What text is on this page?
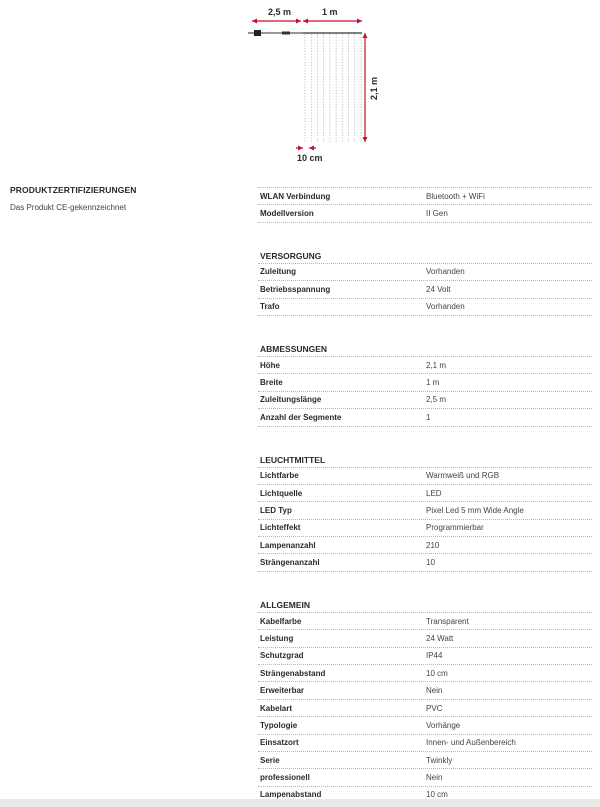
2,5 m	1 m
2,1 m
10 cm
PRODUKTZERTIFIZIERUNGEN
Das Produkt CE-gekennzeichnet
WLAN Verbindung	Bluetooth + WiFi
Modellversion	II Gen
VERSORGUNG
Zuleitung	Vorhanden
Betriebsspannung	24 Volt
Trafo	Vorhanden
ABMESSUNGEN
Höhe	2,1 m
Breite	1 m
Zuleitungslänge	2,5 m
Anzahl der Segmente	1
LEUCHTMITTEL
Lichtfarbe	Warmweiß und RGB
Lichtquelle	LED
LED Typ	Pixel Led 5 mm Wide Angle
Lichteffekt	Programmierbar
Lampenanzahl	210
Strängenanzahl	10
ALLGEMEIN
Kabelfarbe	Transparent
Leistung	24 Watt
Schutzgrad	IP44
Strängenabstand	10 cm
Erweiterbar	Nein
Kabelart	PVC
Typologie	Vorhänge
Einsatzort	Innen- und Außenbereich
Serie	Twinkly
professionell	Nein
Lampenabstand	10 cm
